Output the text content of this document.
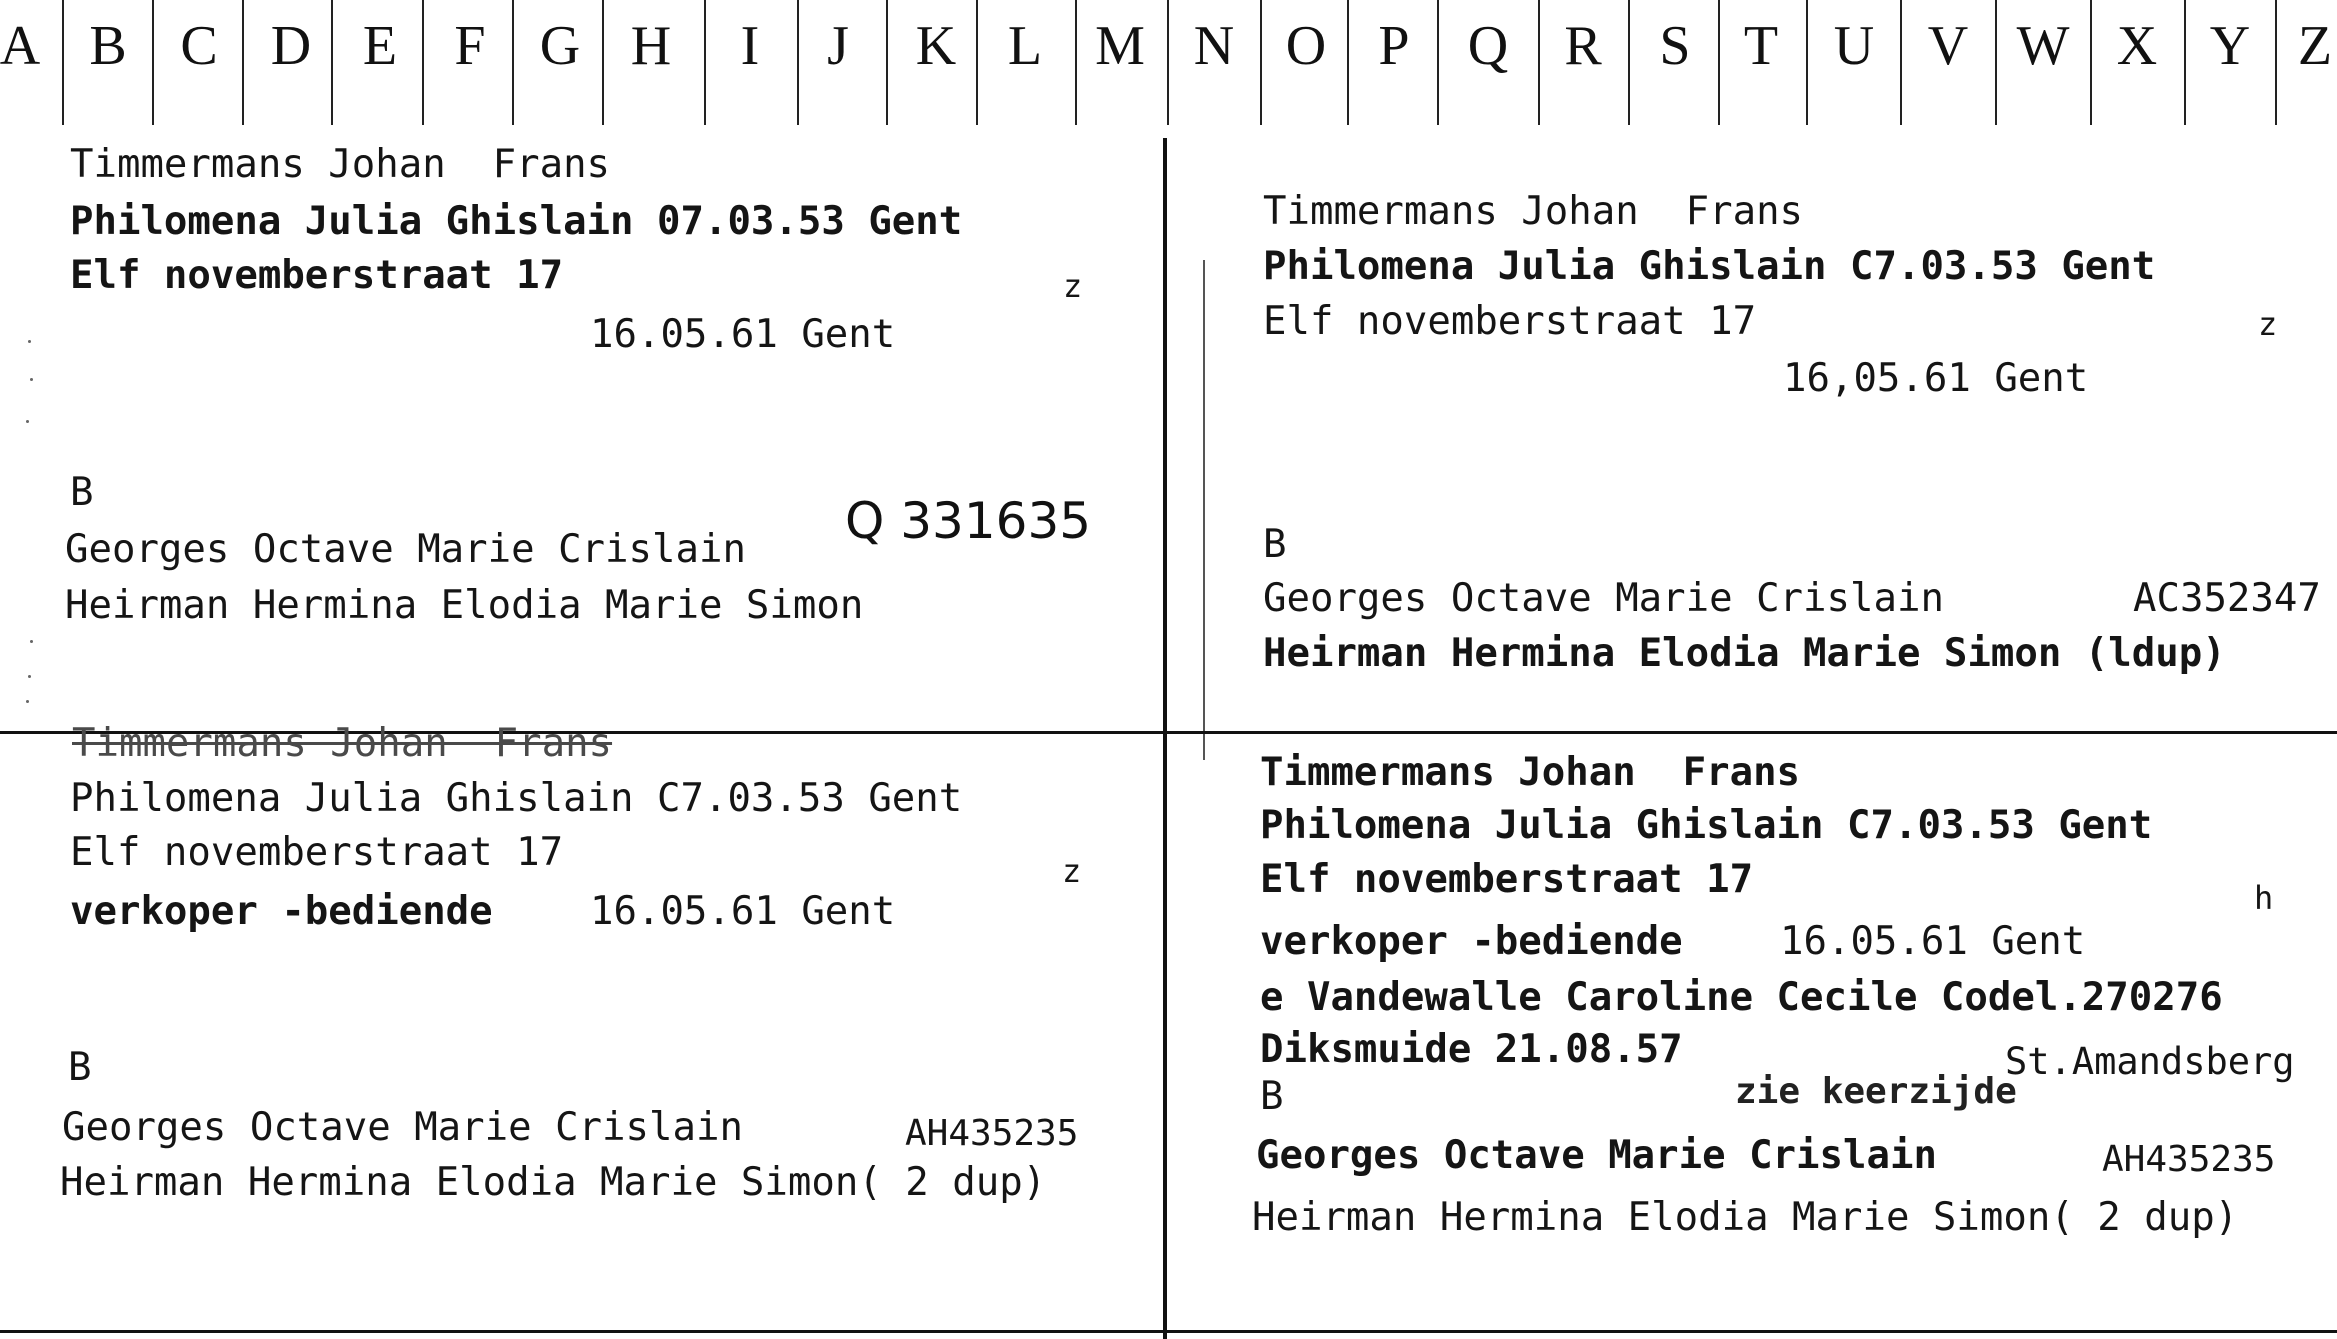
A B C D E F G H	I	J	K L M N O P Q R S T U V W X Y Z
Timmermans Johan  Frans
Philomena Julia Ghislain 07.03.53 Gent
Elf novemberstraat 17	z
16.05.61 Gent
B	Q 331635
Georges Octave Marie Crislain
Heirman Hermina Elodia Marie Simon
Timmermans Johan  Frans
Philomena Julia Ghislain C7.03.53 Gent
Elf novemberstraat 17	z
16,05.61 Gent
B
Georges Octave Marie Crislain	AC352347
Heirman Hermina Elodia Marie Simon (ldup)
Timmermans Johan  Frans
Philomena Julia Ghislain C7.03.53 Gent
Elf novemberstraat 17	z
verkoper -bediende 16.05.61 Gent
B
Georges Octave Marie Crislain	AH435235
Heirman Hermina Elodia Marie Simon( 2 dup)
Timmermans Johan  Frans
Philomena Julia Ghislain C7.03.53 Gent
Elf novemberstraat 17	h
verkoper -bediende 16.05.61 Gent
e Vandewalle Caroline Cecile Codel.270276
Diksmuide 21.08.57	St.Amandsberg
zie keerzijde
B
Georges Octave Marie Crislain	AH435235
Heirman Hermina Elodia Marie Simon( 2 dup)
